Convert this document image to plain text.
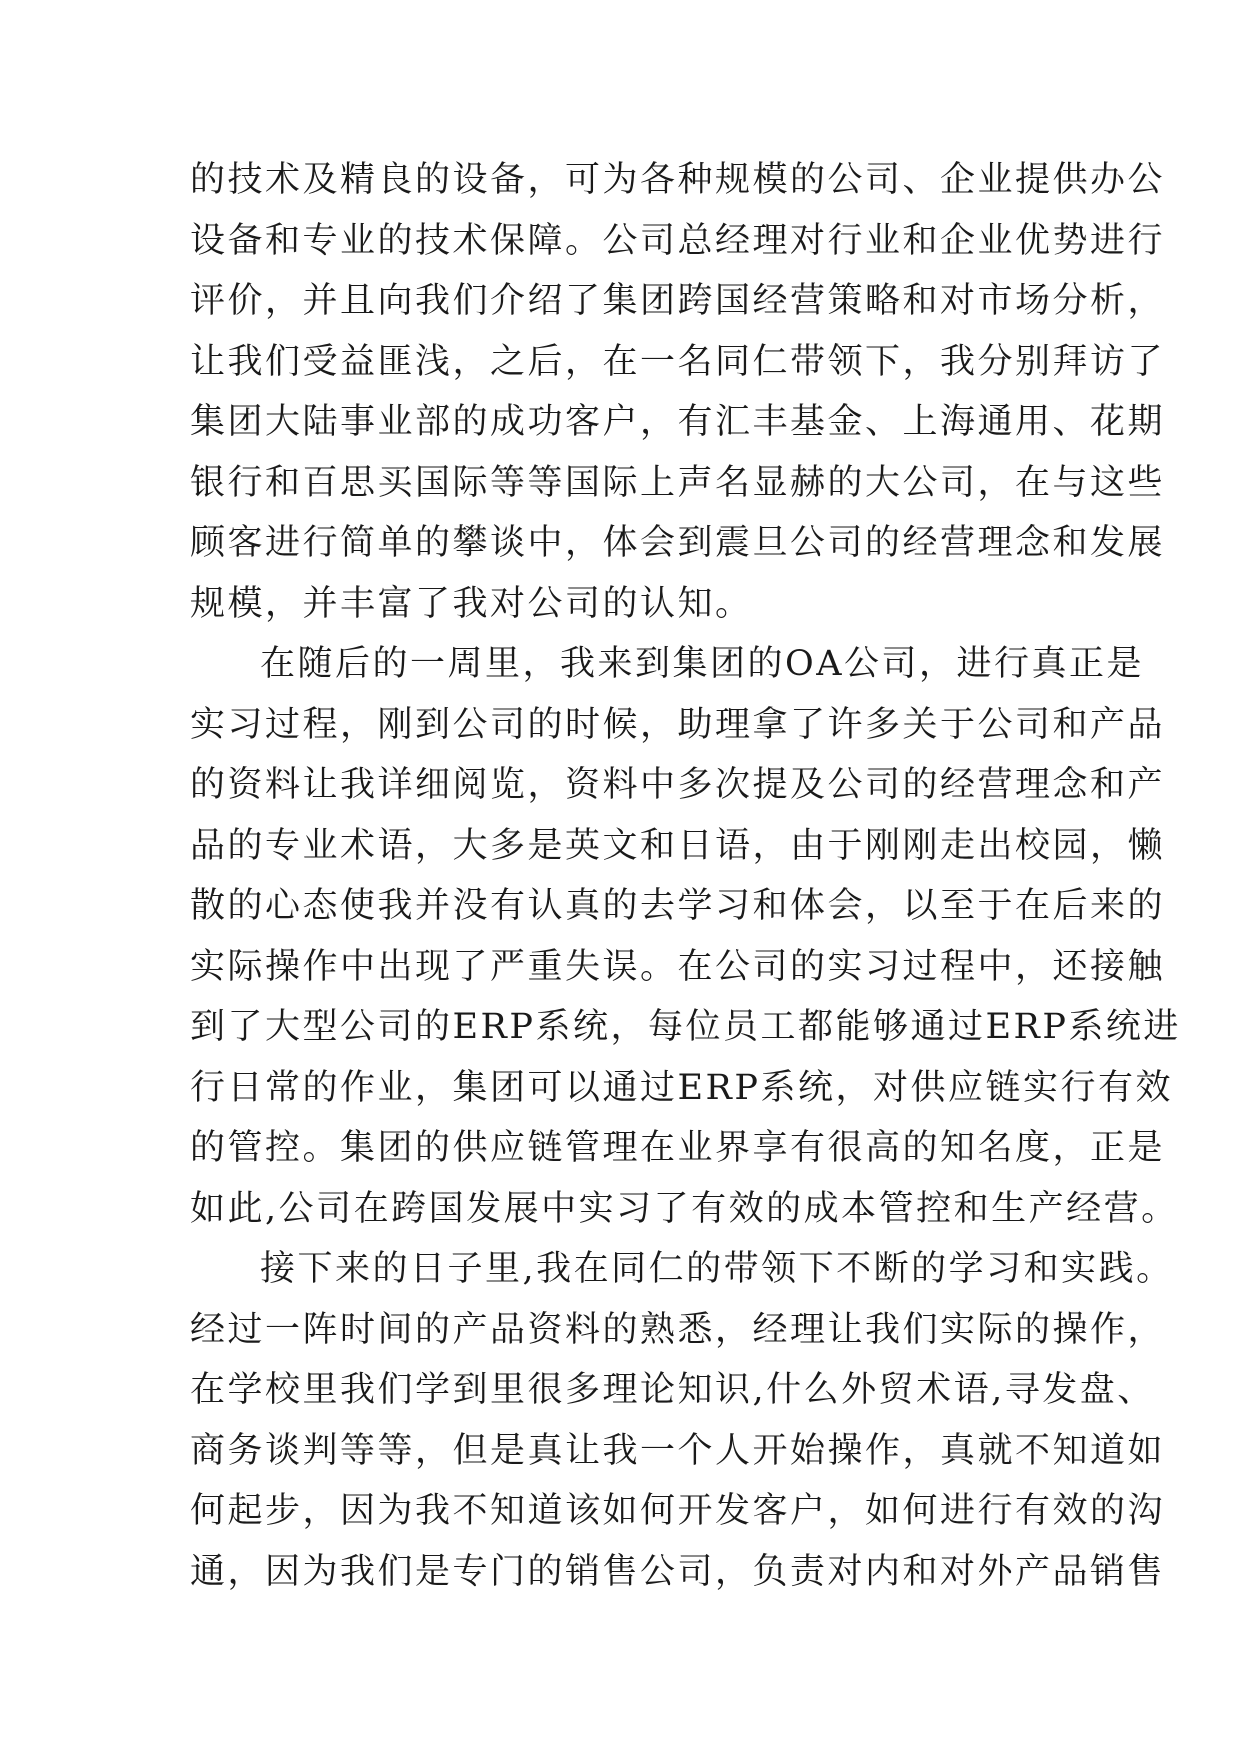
的技术及精良的设备，可为各种规模的公司、企业提供办公
设备和专业的技术保障。公司总经理对行业和企业优势进行
评价，并且向我们介绍了集团跨国经营策略和对市场分析，
让我们受益匪浅，之后，在一名同仁带领下，我分别拜访了
集团大陆事业部的成功客户，有汇丰基金、上海通用、花期
银行和百思买国际等等国际上声名显赫的大公司，在与这些
顾客进行简单的攀谈中，体会到震旦公司的经营理念和发展
规模，并丰富了我对公司的认知。
在随后的一周里，我来到集团的OA公司，进行真正是
实习过程，刚到公司的时候，助理拿了许多关于公司和产品
的资料让我详细阅览，资料中多次提及公司的经营理念和产
品的专业术语，大多是英文和日语，由于刚刚走出校园，懒
散的心态使我并没有认真的去学习和体会，以至于在后来的
实际操作中出现了严重失误。在公司的实习过程中，还接触
到了大型公司的ERP系统，每位员工都能够通过ERP系统进
行日常的作业，集团可以通过ERP系统，对供应链实行有效
的管控。集团的供应链管理在业界享有很高的知名度，正是
如此,公司在跨国发展中实习了有效的成本管控和生产经营。
接下来的日子里,我在同仁的带领下不断的学习和实践。
经过一阵时间的产品资料的熟悉，经理让我们实际的操作，
在学校里我们学到里很多理论知识,什么外贸术语,寻发盘、
商务谈判等等，但是真让我一个人开始操作，真就不知道如
何起步，因为我不知道该如何开发客户，如何进行有效的沟
通，因为我们是专门的销售公司，负责对内和对外产品销售
